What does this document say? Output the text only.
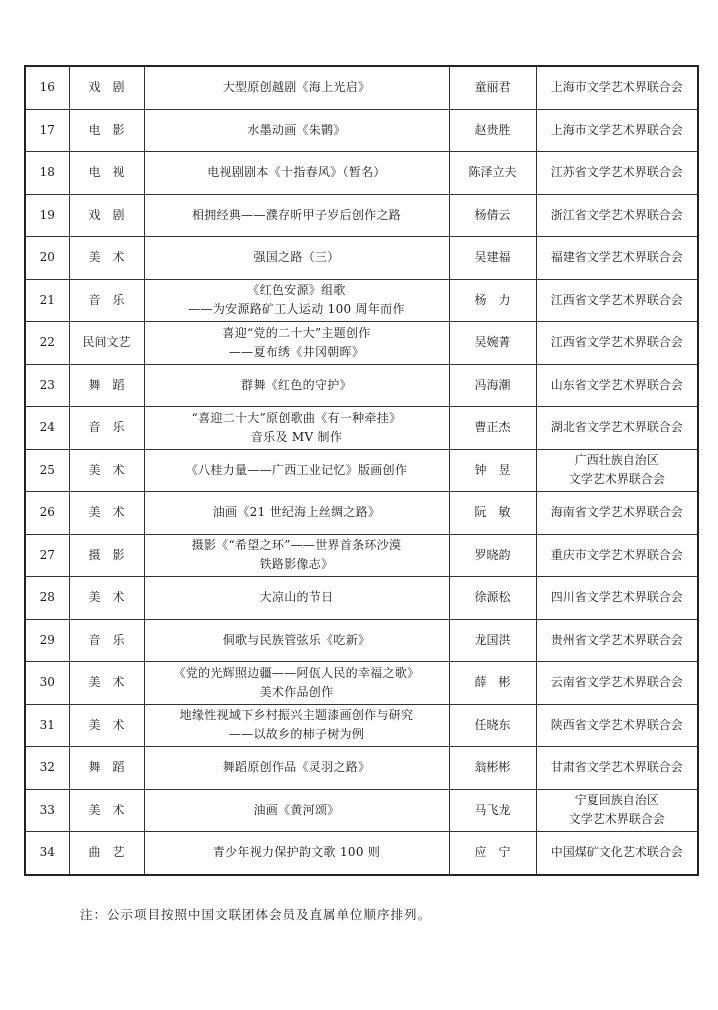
16	戏　剧	大型原创越剧《海上光启》	童丽君	上海市文学艺术界联合会
17	电　影	水墨动画《朱鹮》	赵贵胜	上海市文学艺术界联合会
18	电　视	电视剧剧本《十指春风》（暂名）	陈泽立夫	江苏省文学艺术界联合会
19	戏　剧	相拥经典——濮存昕甲子岁后创作之路	杨倩云	浙江省文学艺术界联合会
20	美　术	强国之路（三）	吴建福	福建省文学艺术界联合会
21	音　乐	《红色安源》组歌
——为安源路矿工人运动 100 周年而作	杨　力	江西省文学艺术界联合会
22	民间文艺	喜迎“党的二十大”主题创作
——夏布绣《井冈朝晖》	吴婉菁	江西省文学艺术界联合会
23	舞　蹈	群舞《红色的守护》	冯海潮	山东省文学艺术界联合会
24	音　乐	“喜迎二十大”原创歌曲《有一种牵挂》
音乐及 MV 制作	曹正杰	湖北省文学艺术界联合会
25	美　术	《八桂力量——广西工业记忆》版画创作	钟　昱	广西壮族自治区
文学艺术界联合会
26	美　术	油画《21 世纪海上丝绸之路》	阮　敏	海南省文学艺术界联合会
27	摄　影	摄影《“希望之环”——世界首条环沙漠
铁路影像志》	罗晓韵	重庆市文学艺术界联合会
28	美　术	大凉山的节日	徐源松	四川省文学艺术界联合会
29	音　乐	侗歌与民族管弦乐《吃新》	龙国洪	贵州省文学艺术界联合会
30	美　术	《党的光辉照边疆——阿佤人民的幸福之歌》
美术作品创作	薛　彬	云南省文学艺术界联合会
31	美　术	地缘性视域下乡村振兴主题漆画创作与研究
——以故乡的柿子树为例	任晓东	陕西省文学艺术界联合会
32	舞　蹈	舞蹈原创作品《灵羽之路》	翁彬彬	甘肃省文学艺术界联合会
33	美　术	油画《黄河颂》	马飞龙	宁夏回族自治区
文学艺术界联合会
34	曲　艺	青少年视力保护韵文歌 100 则	应　宁	中国煤矿文化艺术联合会
注：公示项目按照中国文联团体会员及直属单位顺序排列。
